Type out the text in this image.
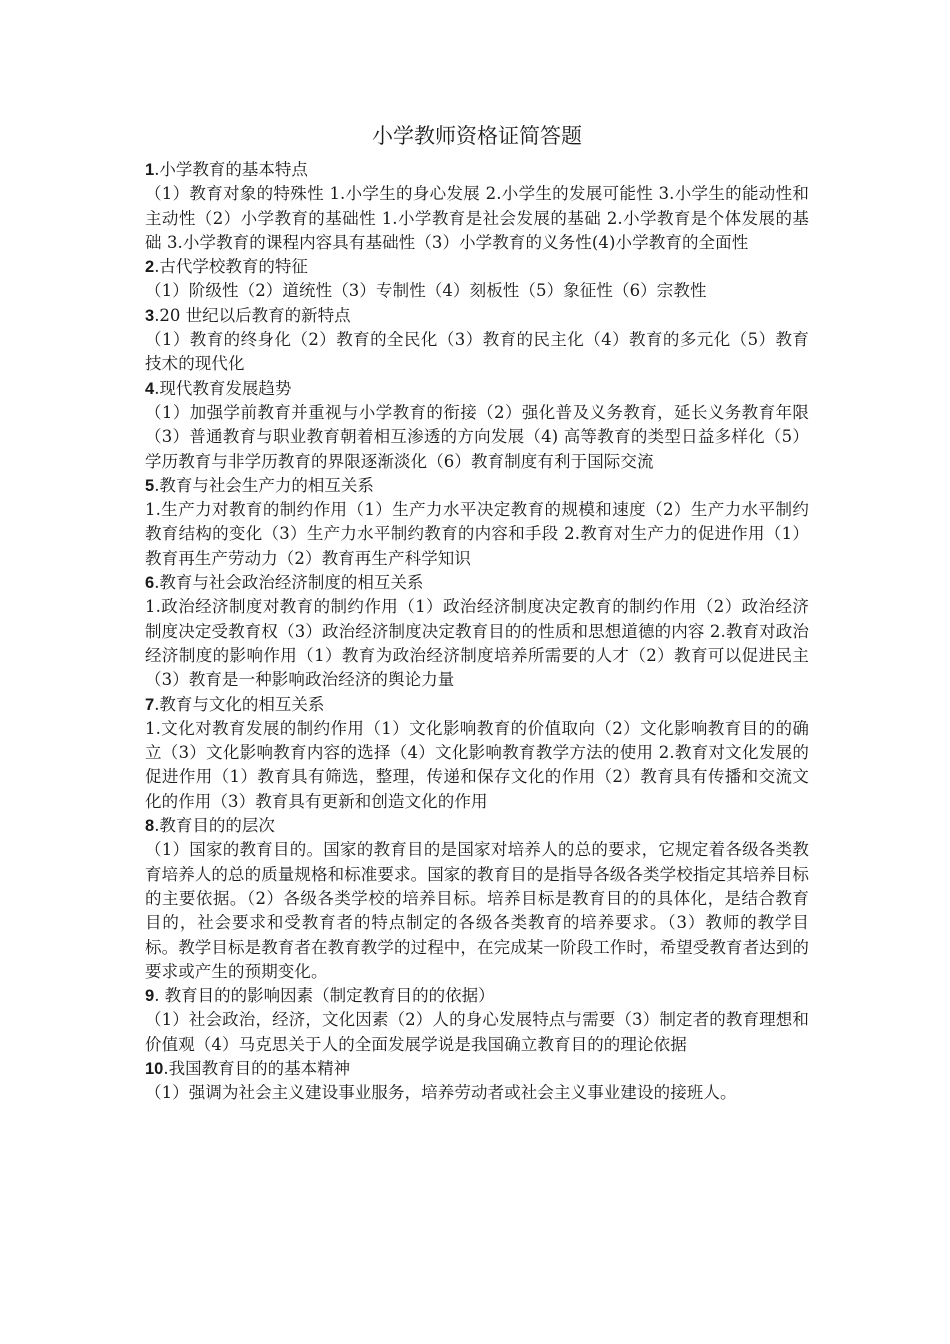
小学教师资格证简答题

1.小学教育的基本特点

（1）教育对象的特殊性 1.小学生的身心发展 2.小学生的发展可能性 3.小学生的能动性和主动性（2）小学教育的基础性 1.小学教育是社会发展的基础 2.小学教育是个体发展的基础 3.小学教育的课程内容具有基础性（3）小学教育的义务性(4)小学教育的全面性

2.古代学校教育的特征

（1）阶级性（2）道统性（3）专制性（4）刻板性（5）象征性（6）宗教性

3.20 世纪以后教育的新特点

（1）教育的终身化（2）教育的全民化（3）教育的民主化（4）教育的多元化（5）教育技术的现代化

4.现代教育发展趋势

（1）加强学前教育并重视与小学教育的衔接（2）强化普及义务教育，延长义务教育年限（3）普通教育与职业教育朝着相互渗透的方向发展（4) 高等教育的类型日益多样化（5）学历教育与非学历教育的界限逐渐淡化（6）教育制度有利于国际交流

5.教育与社会生产力的相互关系

1.生产力对教育的制约作用（1）生产力水平决定教育的规模和速度（2）生产力水平制约教育结构的变化（3）生产力水平制约教育的内容和手段 2.教育对生产力的促进作用（1）教育再生产劳动力（2）教育再生产科学知识

6.教育与社会政治经济制度的相互关系

1.政治经济制度对教育的制约作用（1）政治经济制度决定教育的制约作用（2）政治经济制度决定受教育权（3）政治经济制度决定教育目的的性质和思想道德的内容 2.教育对政治经济制度的影响作用（1）教育为政治经济制度培养所需要的人才（2）教育可以促进民主（3）教育是一种影响政治经济的舆论力量

7.教育与文化的相互关系

1.文化对教育发展的制约作用（1）文化影响教育的价值取向（2）文化影响教育目的的确立（3）文化影响教育内容的选择（4）文化影响教育教学方法的使用 2.教育对文化发展的促进作用（1）教育具有筛选，整理，传递和保存文化的作用（2）教育具有传播和交流文化的作用（3）教育具有更新和创造文化的作用

8.教育目的的层次

（1）国家的教育目的。国家的教育目的是国家对培养人的总的要求，它规定着各级各类教育培养人的总的质量规格和标准要求。国家的教育目的是指导各级各类学校指定其培养目标的主要依据。（2）各级各类学校的培养目标。培养目标是教育目的的具体化，是结合教育目的，社会要求和受教育者的特点制定的各级各类教育的培养要求。（3）教师的教学目标。教学目标是教育者在教育教学的过程中，在完成某一阶段工作时，希望受教育者达到的要求或产生的预期变化。

9. 教育目的的影响因素（制定教育目的的依据）

（1）社会政治，经济，文化因素（2）人的身心发展特点与需要（3）制定者的教育理想和价值观（4）马克思关于人的全面发展学说是我国确立教育目的的理论依据

10.我国教育目的的基本精神

（1）强调为社会主义建设事业服务，培养劳动者或社会主义事业建设的接班人。
